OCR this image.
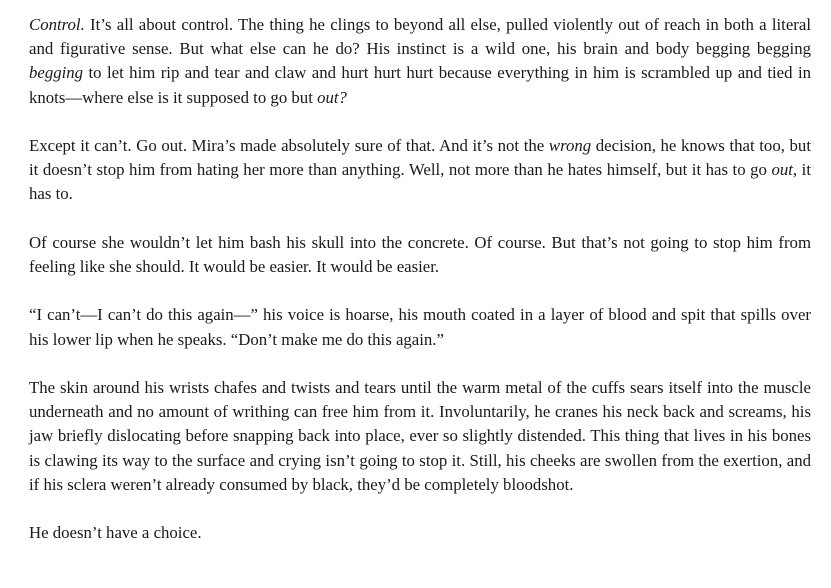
Control. It’s all about control. The thing he clings to beyond all else, pulled violently out of reach in both a literal and figurative sense. But what else can he do? His instinct is a wild one, his brain and body begging begging begging to let him rip and tear and claw and hurt hurt hurt because everything in him is scrambled up and tied in knots—where else is it supposed to go but out?

Except it can’t. Go out. Mira’s made absolutely sure of that. And it’s not the wrong decision, he knows that too, but it doesn’t stop him from hating her more than anything. Well, not more than he hates himself, but it has to go out, it has to.

Of course she wouldn’t let him bash his skull into the concrete. Of course. But that’s not going to stop him from feeling like she should. It would be easier. It would be easier.

“I can’t—I can’t do this again—” his voice is hoarse, his mouth coated in a layer of blood and spit that spills over his lower lip when he speaks. “Don’t make me do this again.”

The skin around his wrists chafes and twists and tears until the warm metal of the cuffs sears itself into the muscle underneath and no amount of writhing can free him from it. Involuntarily, he cranes his neck back and screams, his jaw briefly dislocating before snapping back into place, ever so slightly distended. This thing that lives in his bones is clawing its way to the surface and crying isn’t going to stop it. Still, his cheeks are swollen from the exertion, and if his sclera weren’t already consumed by black, they’d be completely bloodshot.

He doesn’t have a choice.
